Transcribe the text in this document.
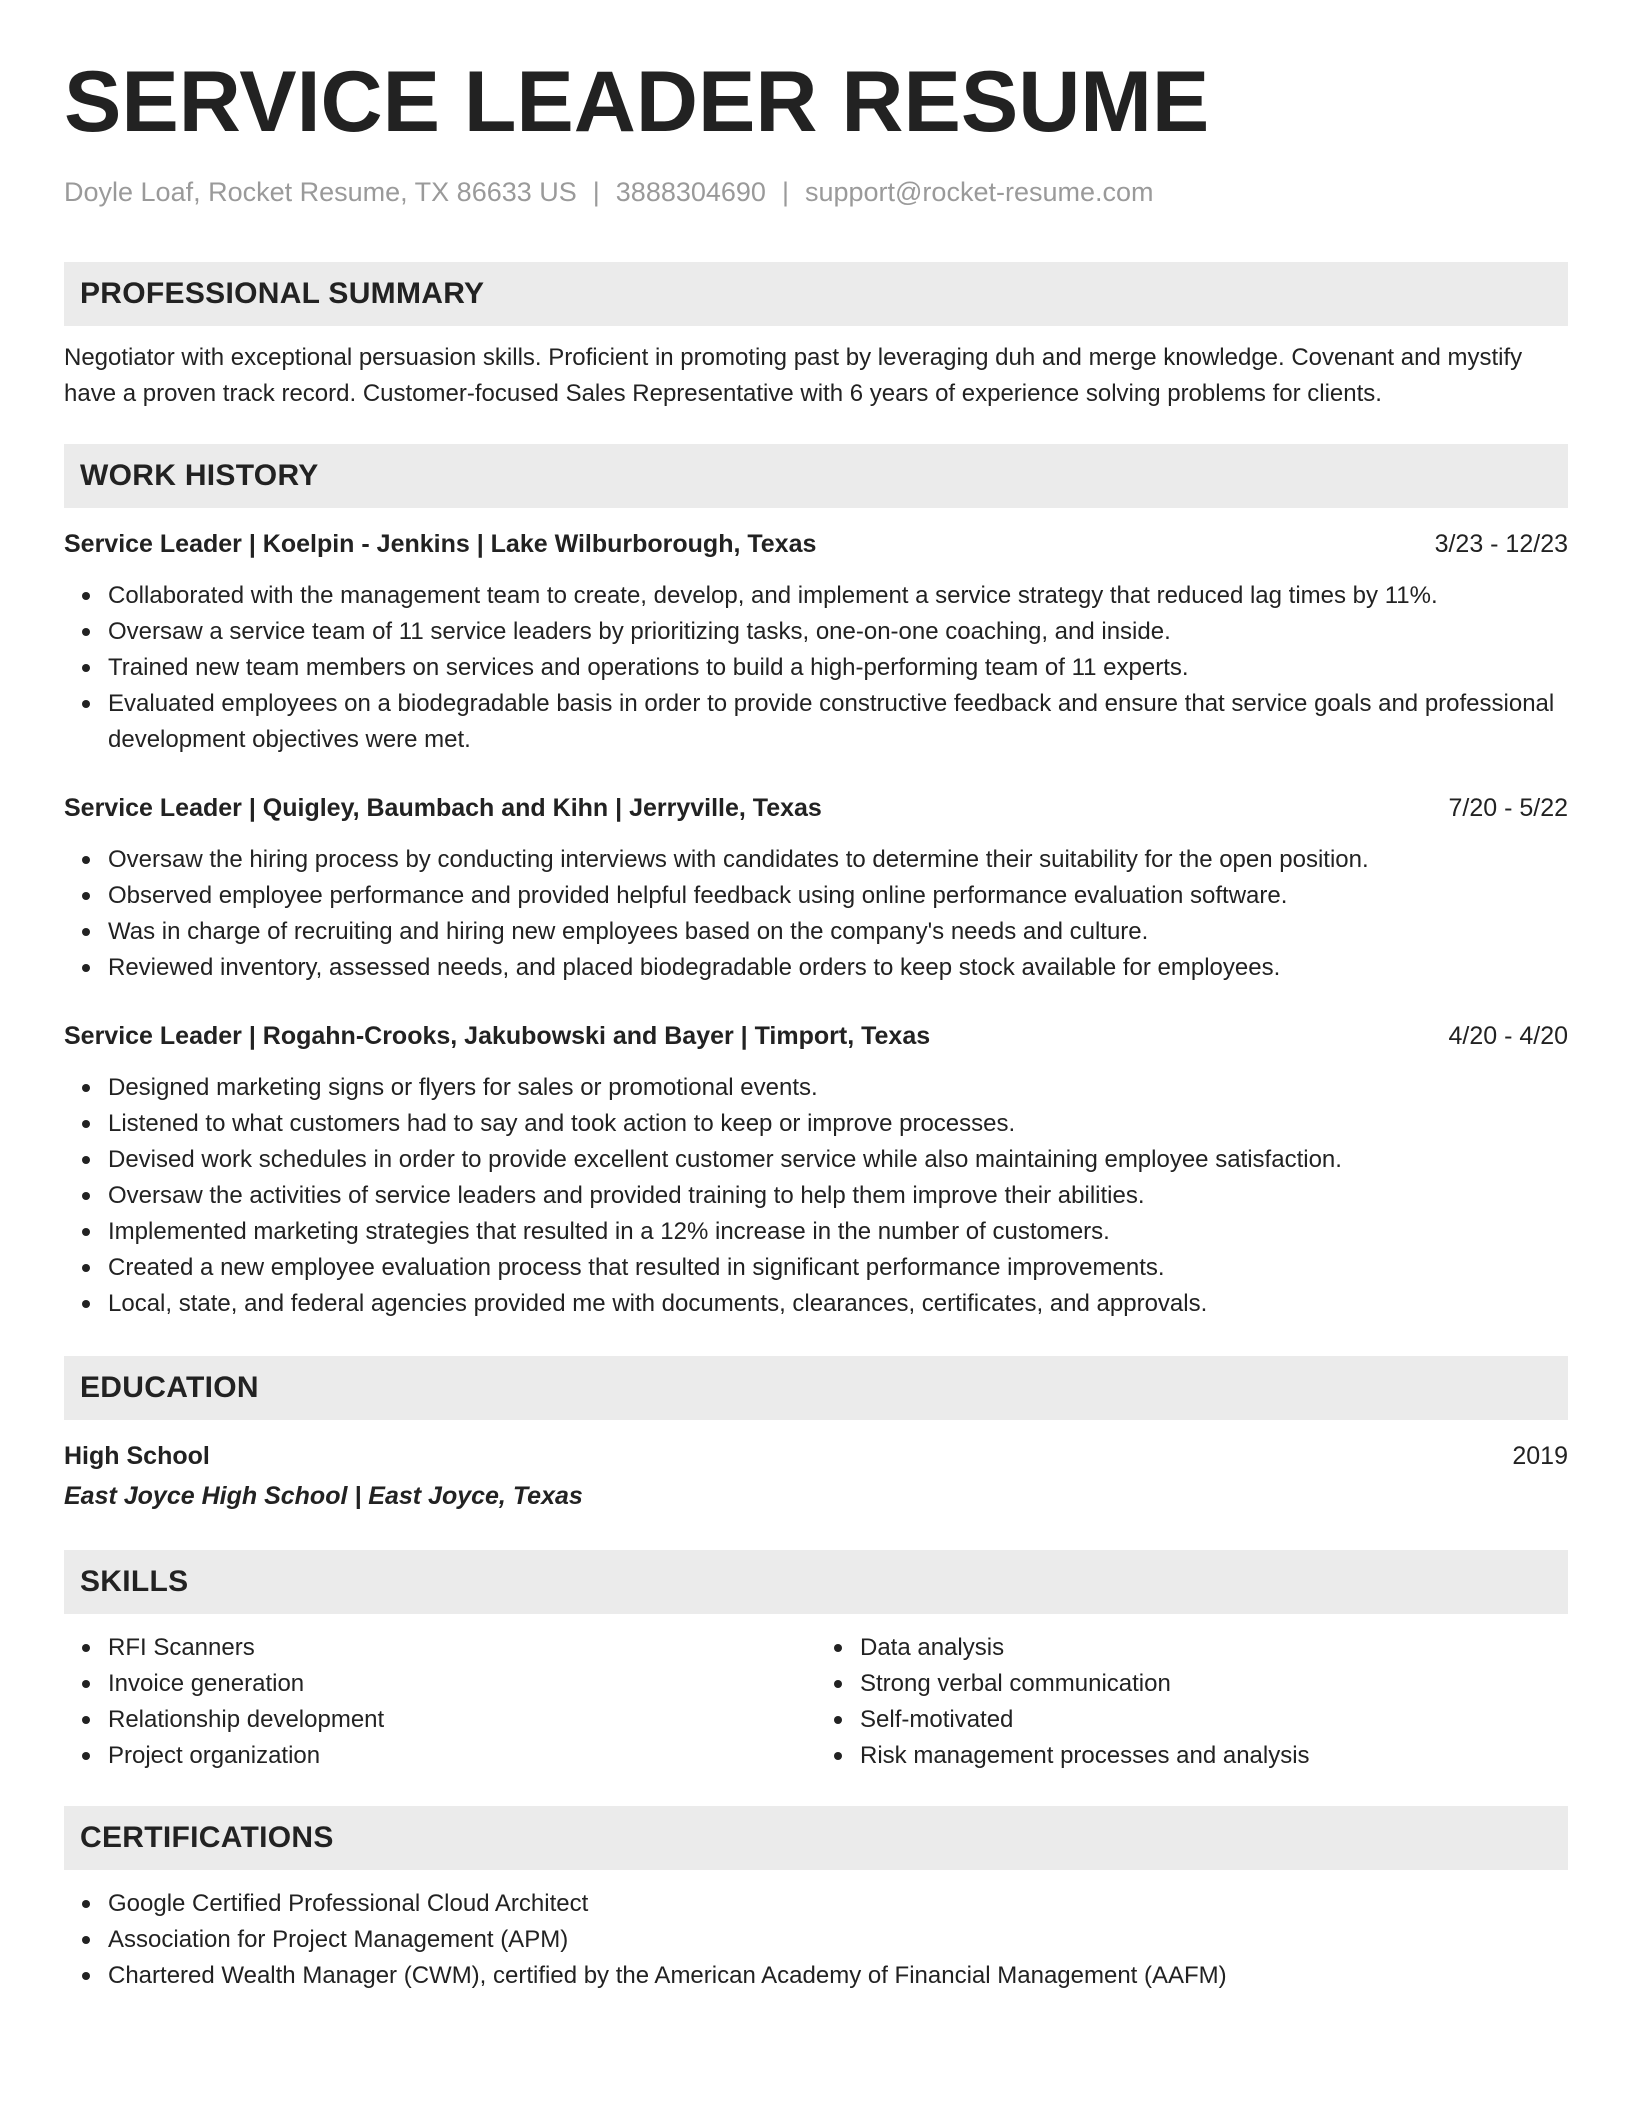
SERVICE LEADER RESUME
Doyle Loaf, Rocket Resume, TX 86633 US | 3888304690 | support@rocket-resume.com
PROFESSIONAL SUMMARY
Negotiator with exceptional persuasion skills. Proficient in promoting past by leveraging duh and merge knowledge. Covenant and mystify have a proven track record. Customer-focused Sales Representative with 6 years of experience solving problems for clients.
WORK HISTORY
Service Leader | Koelpin - Jenkins | Lake Wilburborough, Texas	3/23 - 12/23
Collaborated with the management team to create, develop, and implement a service strategy that reduced lag times by 11%.
Oversaw a service team of 11 service leaders by prioritizing tasks, one-on-one coaching, and inside.
Trained new team members on services and operations to build a high-performing team of 11 experts.
Evaluated employees on a biodegradable basis in order to provide constructive feedback and ensure that service goals and professional development objectives were met.
Service Leader | Quigley, Baumbach and Kihn | Jerryville, Texas	7/20 - 5/22
Oversaw the hiring process by conducting interviews with candidates to determine their suitability for the open position.
Observed employee performance and provided helpful feedback using online performance evaluation software.
Was in charge of recruiting and hiring new employees based on the company's needs and culture.
Reviewed inventory, assessed needs, and placed biodegradable orders to keep stock available for employees.
Service Leader | Rogahn-Crooks, Jakubowski and Bayer | Timport, Texas	4/20 - 4/20
Designed marketing signs or flyers for sales or promotional events.
Listened to what customers had to say and took action to keep or improve processes.
Devised work schedules in order to provide excellent customer service while also maintaining employee satisfaction.
Oversaw the activities of service leaders and provided training to help them improve their abilities.
Implemented marketing strategies that resulted in a 12% increase in the number of customers.
Created a new employee evaluation process that resulted in significant performance improvements.
Local, state, and federal agencies provided me with documents, clearances, certificates, and approvals.
EDUCATION
High School	2019
East Joyce High School | East Joyce, Texas
SKILLS
RFI Scanners
Invoice generation
Relationship development
Project organization
Data analysis
Strong verbal communication
Self-motivated
Risk management processes and analysis
CERTIFICATIONS
Google Certified Professional Cloud Architect
Association for Project Management (APM)
Chartered Wealth Manager (CWM), certified by the American Academy of Financial Management (AAFM)
